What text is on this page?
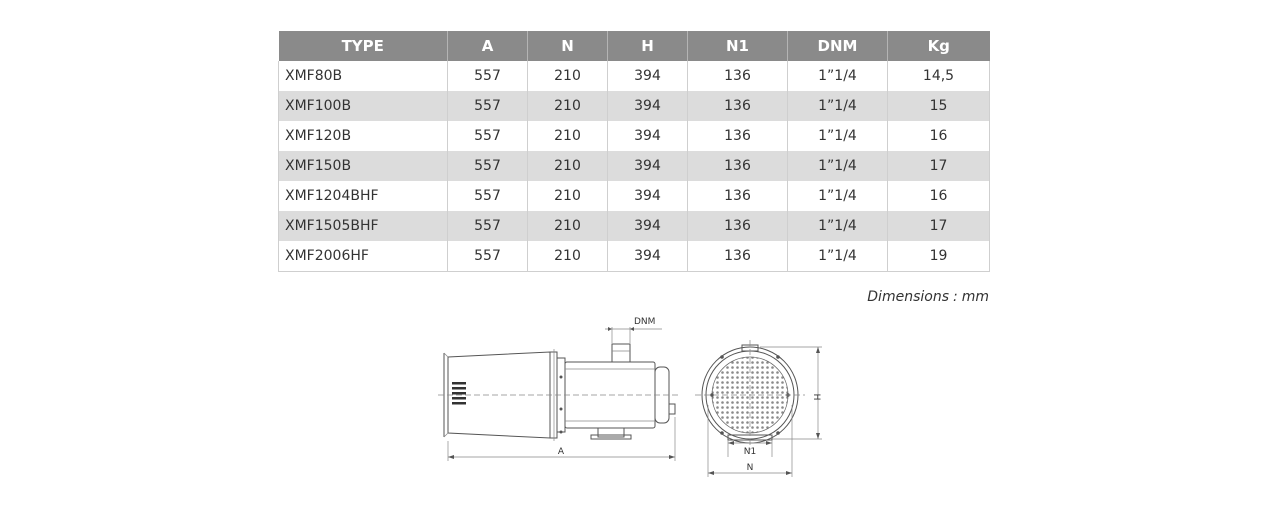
TYPE	A	N	H	N1	DNM	Kg
XMF80B	557	210	394	136	1”1/4	14,5
XMF100B	557	210	394	136	1”1/4	15
XMF120B	557	210	394	136	1”1/4	16
XMF150B	557	210	394	136	1”1/4	17
XMF1204BHF	557	210	394	136	1”1/4	16
XMF1505BHF	557	210	394	136	1”1/4	17
XMF2006HF	557	210	394	136	1”1/4	19
Dimensions : mm
DNM
A
H
N1
N
